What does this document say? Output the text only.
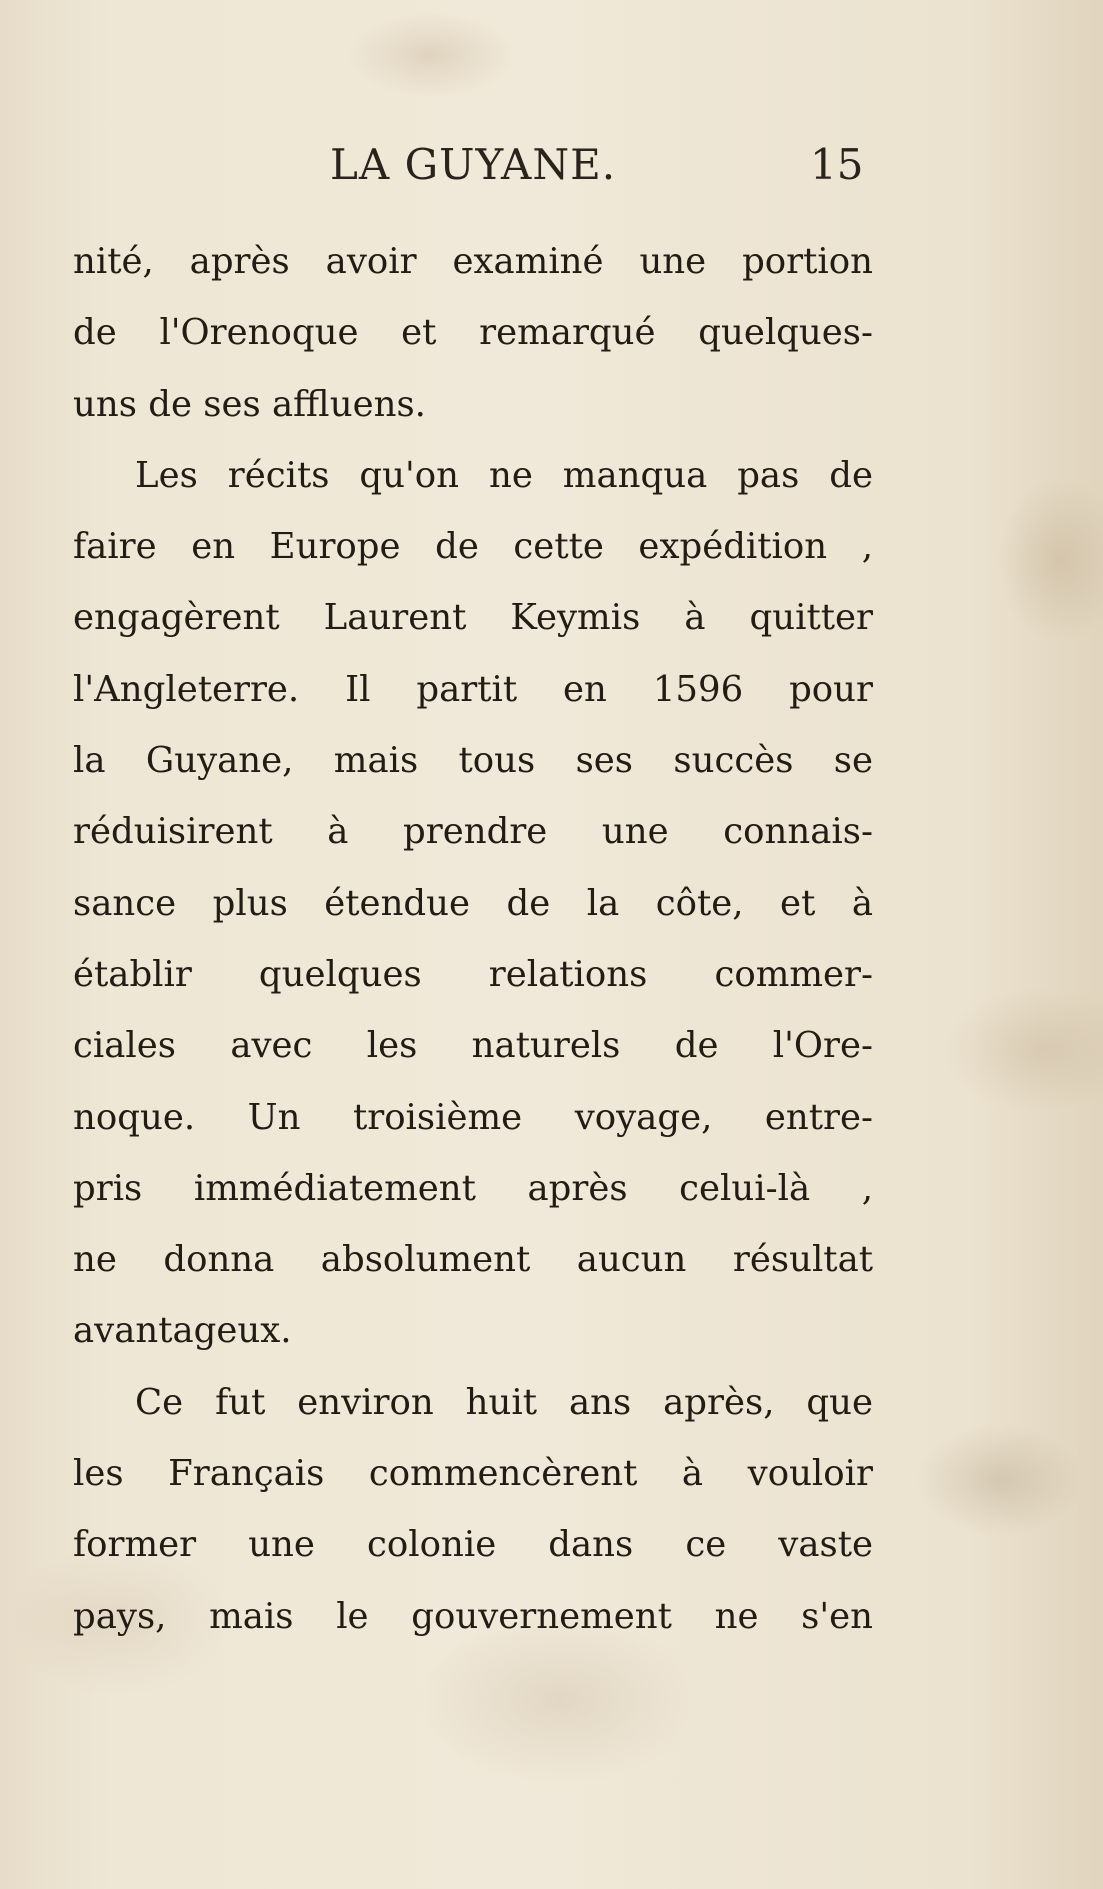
LA GUYANE.	15
nité, après avoir examiné une portion
de l'Orenoque et remarqué quelques-
uns de ses affluens.
Les récits qu'on ne manqua pas de
faire en Europe de cette expédition ,
engagèrent Laurent Keymis à quitter
l'Angleterre. Il partit en 1596 pour
la Guyane, mais tous ses succès se
réduisirent à prendre une connais-
sance plus étendue de la côte, et à
établir quelques relations commer-
ciales avec les naturels de l'Ore-
noque. Un troisième voyage, entre-
pris immédiatement après celui-là ,
ne donna absolument aucun résultat
avantageux.
Ce fut environ huit ans après, que
les Français commencèrent à vouloir
former une colonie dans ce vaste
pays, mais le gouvernement ne s'en
